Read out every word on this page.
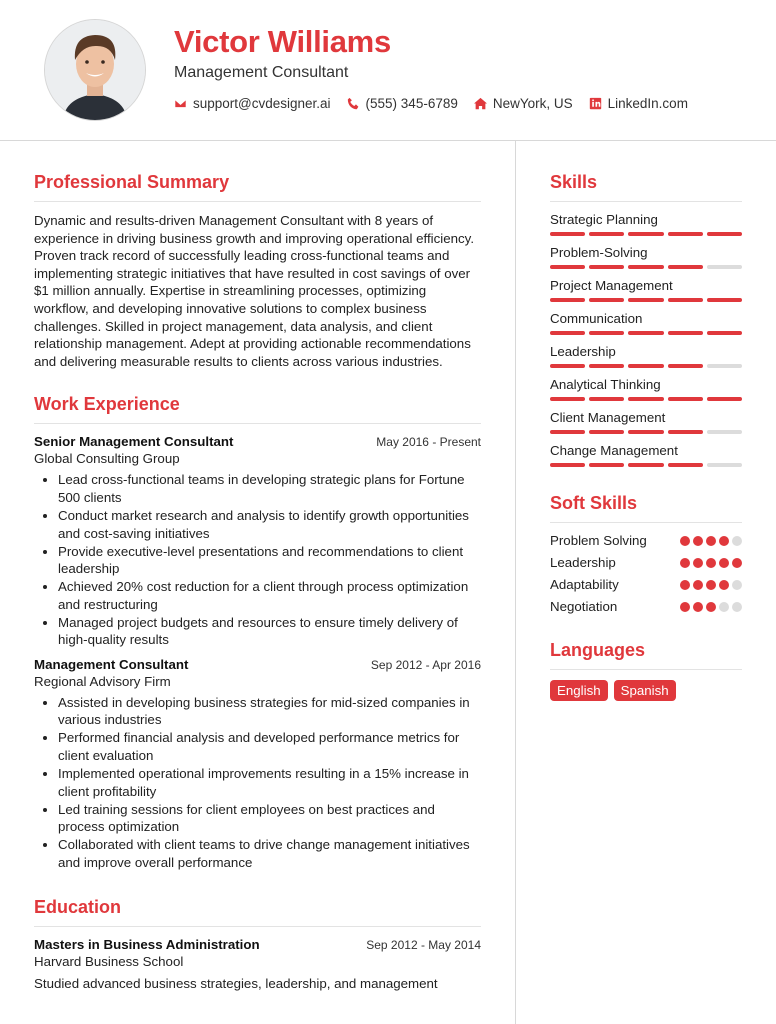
Victor Williams
Management Consultant
support@cvdesigner.ai	(555) 345-6789	NewYork, US	LinkedIn.com
Professional Summary

Dynamic and results-driven Management Consultant with 8 years of experience in driving business growth and improving operational efficiency. Proven track record of successfully leading cross-functional teams and implementing strategic initiatives that have resulted in cost savings of over $1 million annually. Expertise in streamlining processes, optimizing workflow, and developing innovative solutions to complex business challenges. Skilled in project management, data analysis, and client relationship management. Adept at providing actionable recommendations and delivering measurable results to clients across various industries.

Work Experience
Senior Management Consultant	May 2016 - Present
Global Consulting Group
• Lead cross-functional teams in developing strategic plans for Fortune 500 clients
• Conduct market research and analysis to identify growth opportunities and cost-saving initiatives
• Provide executive-level presentations and recommendations to client leadership
• Achieved 20% cost reduction for a client through process optimization and restructuring
• Managed project budgets and resources to ensure timely delivery of high-quality results
Management Consultant	Sep 2012 - Apr 2016
Regional Advisory Firm
• Assisted in developing business strategies for mid-sized companies in various industries
• Performed financial analysis and developed performance metrics for client evaluation
• Implemented operational improvements resulting in a 15% increase in client profitability
• Led training sessions for client employees on best practices and process optimization
• Collaborated with client teams to drive change management initiatives and improve overall performance
Education
Masters in Business Administration	Sep 2012 - May 2014
Harvard Business School
Studied advanced business strategies, leadership, and management
Skills
Strategic Planning
Problem-Solving
Project Management
Communication
Leadership
Analytical Thinking
Client Management
Change Management
Soft Skills
Problem Solving
Leadership
Adaptability
Negotiation
Languages
English	Spanish
